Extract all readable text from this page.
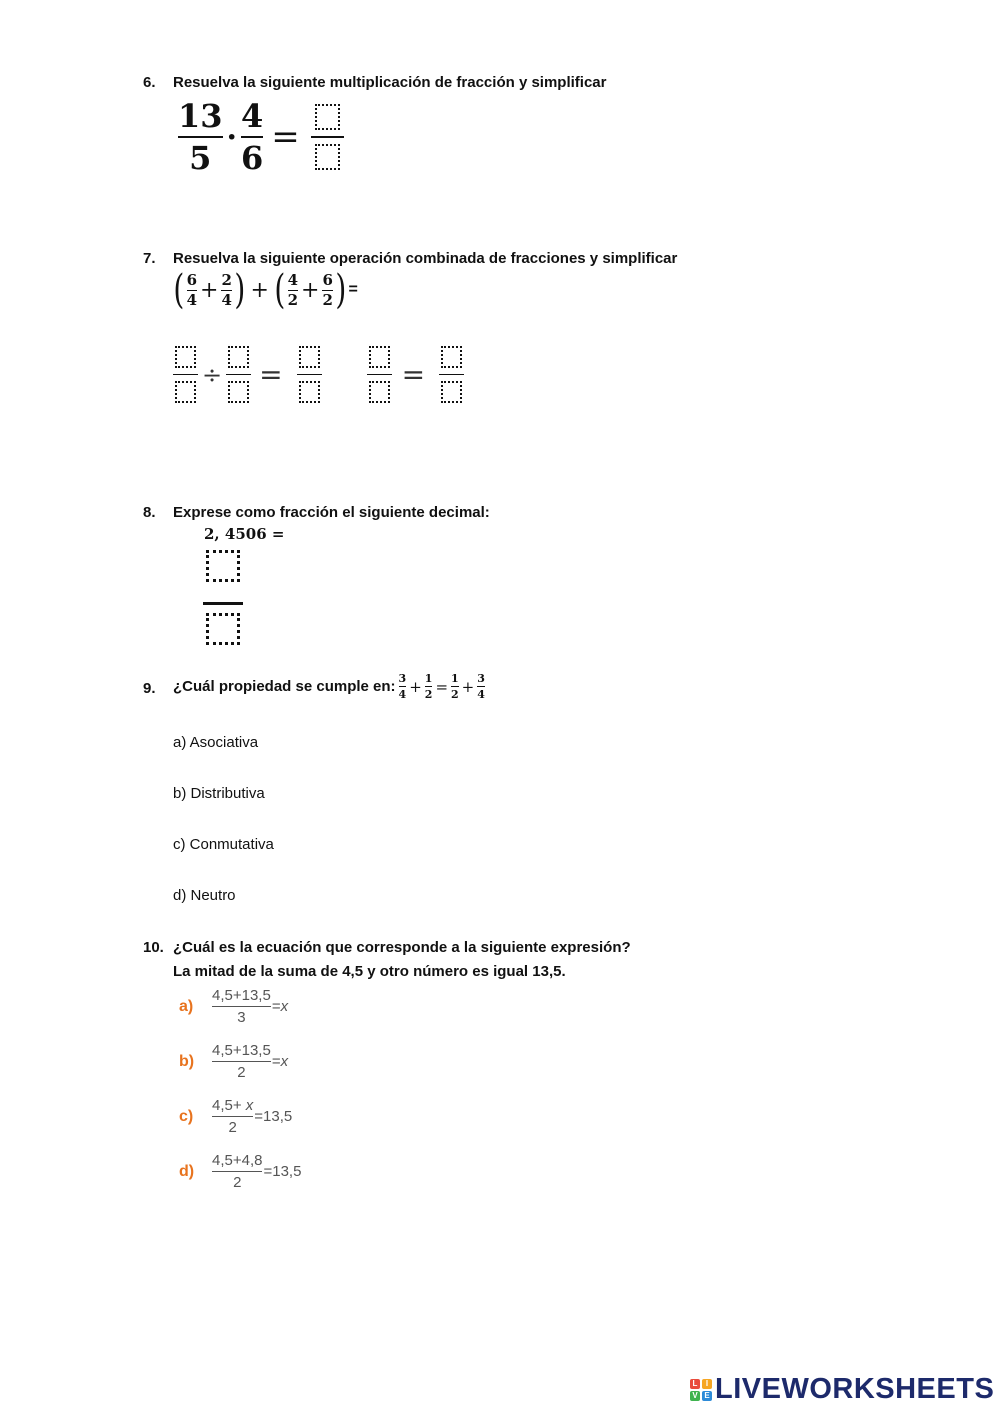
6. Resuelva la siguiente multiplicación de fracción y simplificar
$\frac{13}{5} \cdot \frac{4}{6}$ =
7. Resuelva la siguiente operación combinada de fracciones y simplificar
( $\frac{6}{4} + \frac{2}{4}$ ) + ( $\frac{4}{2} + \frac{6}{2}$ ) =
÷ =	=
8. Exprese como fracción el siguiente decimal:
2, 4506 =
9. ¿Cuál propiedad se cumple en: $\frac{3}{4} + \frac{1}{2} = \frac{1}{2} + \frac{3}{4}$
a) Asociativa
b) Distributiva
c) Conmutativa
d) Neutro
10. ¿Cuál es la ecuación que corresponde a la siguiente expresión?
La mitad de la suma de 4,5 y otro número es igual 13,5.
a)
4,5+13,5
3
= x
b)
4,5+13,5
2
= x
c)
4,5+ x
2
=13,5
d)
4,5+4,8
2
=13,5
L	I
V E LIVEWORKSHEETS
